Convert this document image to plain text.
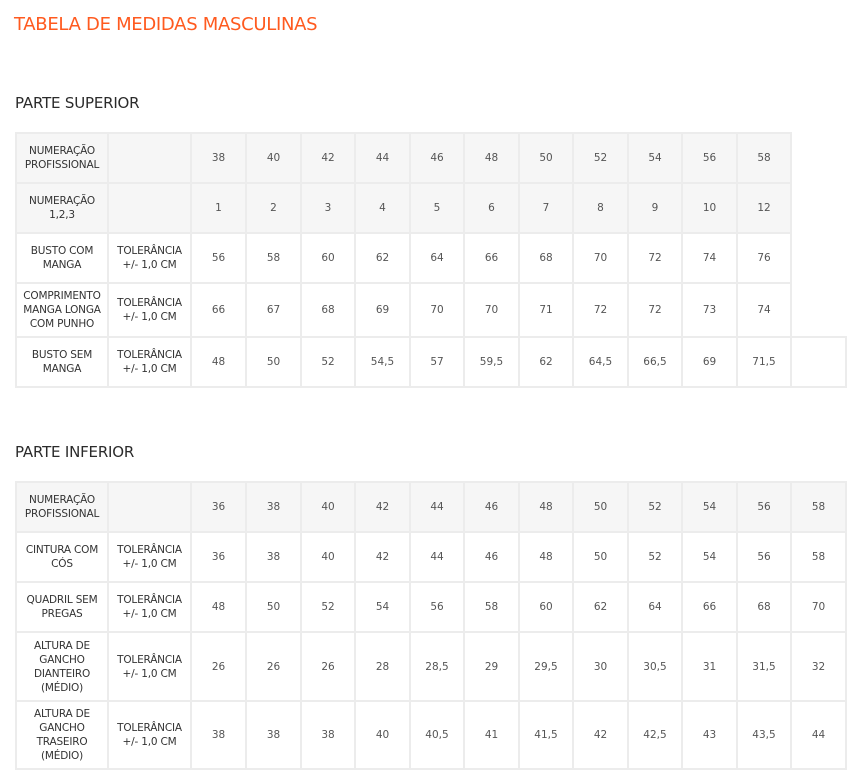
TABELA DE MEDIDAS MASCULINAS
PARTE SUPERIOR
NUMERAÇÃO PROFISSIONAL		38	40	42	44	46	48	50	52	54	56	58	
NUMERAÇÃO 1,2,3		1	2	3	4	5	6	7	8	9	10	12	
BUSTO COM MANGA	TOLERÂNCIA +/- 1,0 CM	56	58	60	62	64	66	68	70	72	74	76	
COMPRIMENTO MANGA LONGA COM PUNHO	TOLERÂNCIA +/- 1,0 CM	66	67	68	69	70	70	71	72	72	73	74	
BUSTO SEM MANGA	TOLERÂNCIA +/- 1,0 CM	48	50	52	54,5	57	59,5	62	64,5	66,5	69	71,5	
PARTE INFERIOR
NUMERAÇÃO PROFISSIONAL		36	38	40	42	44	46	48	50	52	54	56	58
CINTURA COM CÓS	TOLERÂNCIA +/- 1,0 CM	36	38	40	42	44	46	48	50	52	54	56	58
QUADRIL SEM PREGAS	TOLERÂNCIA +/- 1,0 CM	48	50	52	54	56	58	60	62	64	66	68	70
ALTURA DE GANCHO DIANTEIRO (MÉDIO)	TOLERÂNCIA +/- 1,0 CM	26	26	26	28	28,5	29	29,5	30	30,5	31	31,5	32
ALTURA DE GANCHO TRASEIRO (MÉDIO)	TOLERÂNCIA +/- 1,0 CM	38	38	38	40	40,5	41	41,5	42	42,5	43	43,5	44
